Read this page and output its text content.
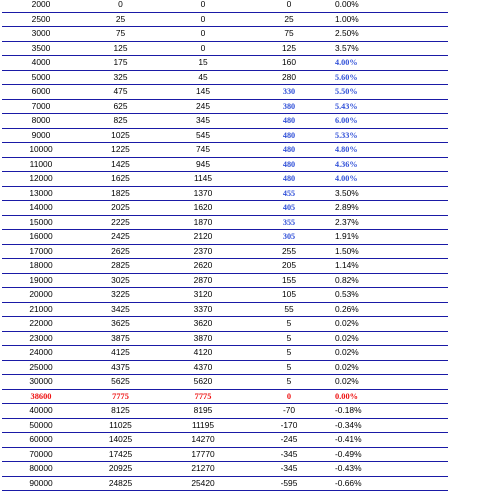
2000	0	0	0	0.00%
2500	25	0	25	1.00%
3000	75	0	75	2.50%
3500	125	0	125	3.57%
4000	175	15	160	4.00%
5000	325	45	280	5.60%
6000	475	145	330	5.50%
7000	625	245	380	5.43%
8000	825	345	480	6.00%
9000	1025	545	480	5.33%
10000	1225	745	480	4.80%
11000	1425	945	480	4.36%
12000	1625	1145	480	4.00%
13000	1825	1370	455	3.50%
14000	2025	1620	405	2.89%
15000	2225	1870	355	2.37%
16000	2425	2120	305	1.91%
17000	2625	2370	255	1.50%
18000	2825	2620	205	1.14%
19000	3025	2870	155	0.82%
20000	3225	3120	105	0.53%
21000	3425	3370	55	0.26%
22000	3625	3620	5	0.02%
23000	3875	3870	5	0.02%
24000	4125	4120	5	0.02%
25000	4375	4370	5	0.02%
30000	5625	5620	5	0.02%
38600	7775	7775	0	0.00%
40000	8125	8195	-70	-0.18%
50000	11025	11195	-170	-0.34%
60000	14025	14270	-245	-0.41%
70000	17425	17770	-345	-0.49%
80000	20925	21270	-345	-0.43%
90000	24825	25420	-595	-0.66%
